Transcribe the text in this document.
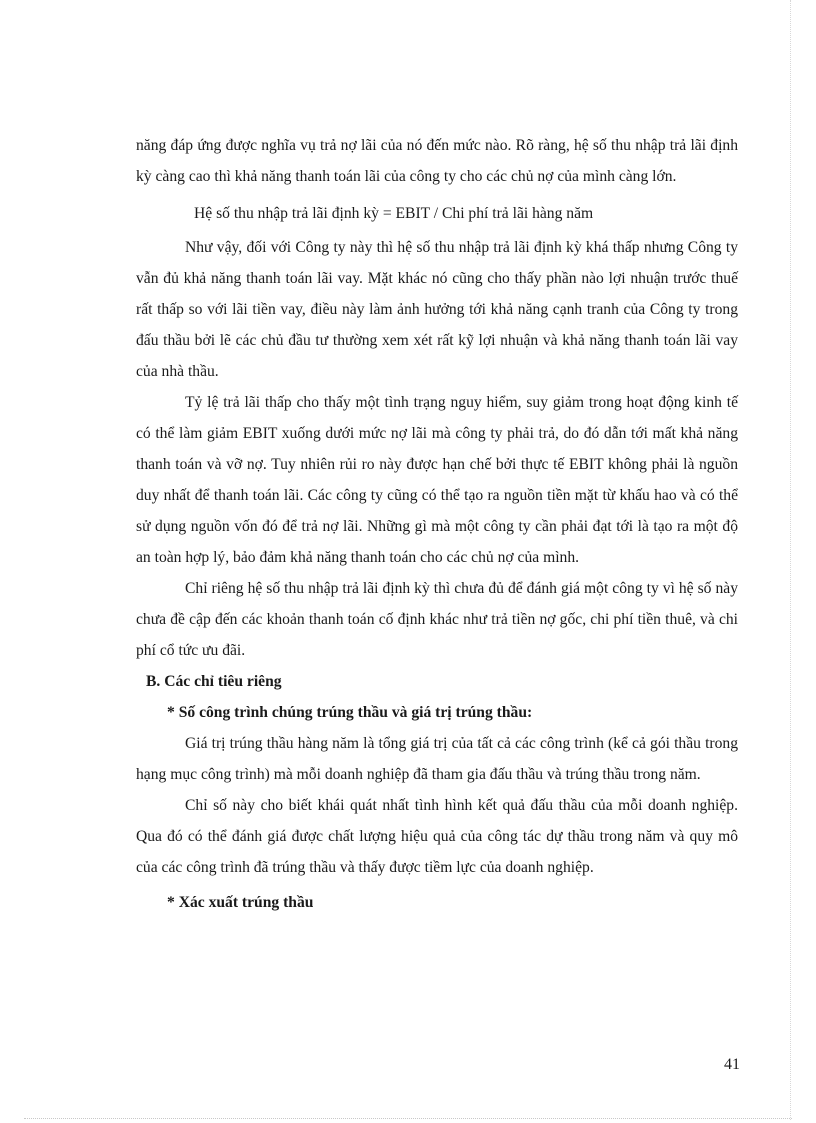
năng đáp ứng được nghĩa vụ trả nợ lãi của nó đến mức nào. Rõ ràng, hệ số thu nhập trả lãi định kỳ càng cao thì khả năng thanh toán lãi của công ty cho các chủ nợ của mình càng lớn.

Hệ số thu nhập trả lãi định kỳ = EBIT / Chi phí trả lãi hàng năm

Như vậy, đối với Công ty này thì hệ số thu nhập trả lãi định kỳ khá thấp nhưng Công ty vẫn đủ khả năng thanh toán lãi vay. Mặt khác nó cũng cho thấy phần nào lợi nhuận trước thuế rất thấp so với lãi tiền vay, điều này làm ảnh hưởng tới khả năng cạnh tranh của Công ty trong đấu thầu bởi lẽ các chủ đầu tư thường xem xét rất kỹ lợi nhuận và khả năng thanh toán lãi vay của nhà thầu.

Tỷ lệ trả lãi thấp cho thấy một tình trạng nguy hiểm, suy giảm trong hoạt động kinh tế có thể làm giảm EBIT xuống dưới mức nợ lãi mà công ty phải trả, do đó dẫn tới mất khả năng thanh toán và vỡ nợ. Tuy nhiên rủi ro này được hạn chế bởi thực tế EBIT không phải là nguồn duy nhất để thanh toán lãi. Các công ty cũng có thể tạo ra nguồn tiền mặt từ khấu hao và có thể sử dụng nguồn vốn đó để trả nợ lãi. Những gì mà một công ty cần phải đạt tới là tạo ra một độ an toàn hợp lý, bảo đảm khả năng thanh toán cho các chủ nợ của mình.

Chỉ riêng hệ số thu nhập trả lãi định kỳ thì chưa đủ để đánh giá một công ty vì hệ số này chưa đề cập đến các khoản thanh toán cố định khác như trả tiền nợ gốc, chi phí tiền thuê, và chi phí cổ tức ưu đãi.

B. Các chỉ tiêu riêng

* Số công trình chúng trúng thầu và giá trị trúng thầu:

Giá trị trúng thầu hàng năm là tổng giá trị của tất cả các công trình (kể cả gói thầu trong hạng mục công trình) mà mỗi doanh nghiệp đã tham gia đấu thầu và trúng thầu trong năm.

Chỉ số này cho biết khái quát nhất tình hình kết quả đấu thầu của mỗi doanh nghiệp. Qua đó có thể đánh giá được chất lượng hiệu quả của công tác dự thầu trong năm và quy mô của các công trình đã trúng thầu và thấy được tiềm lực của doanh nghiệp.

* Xác xuất trúng thầu

41
